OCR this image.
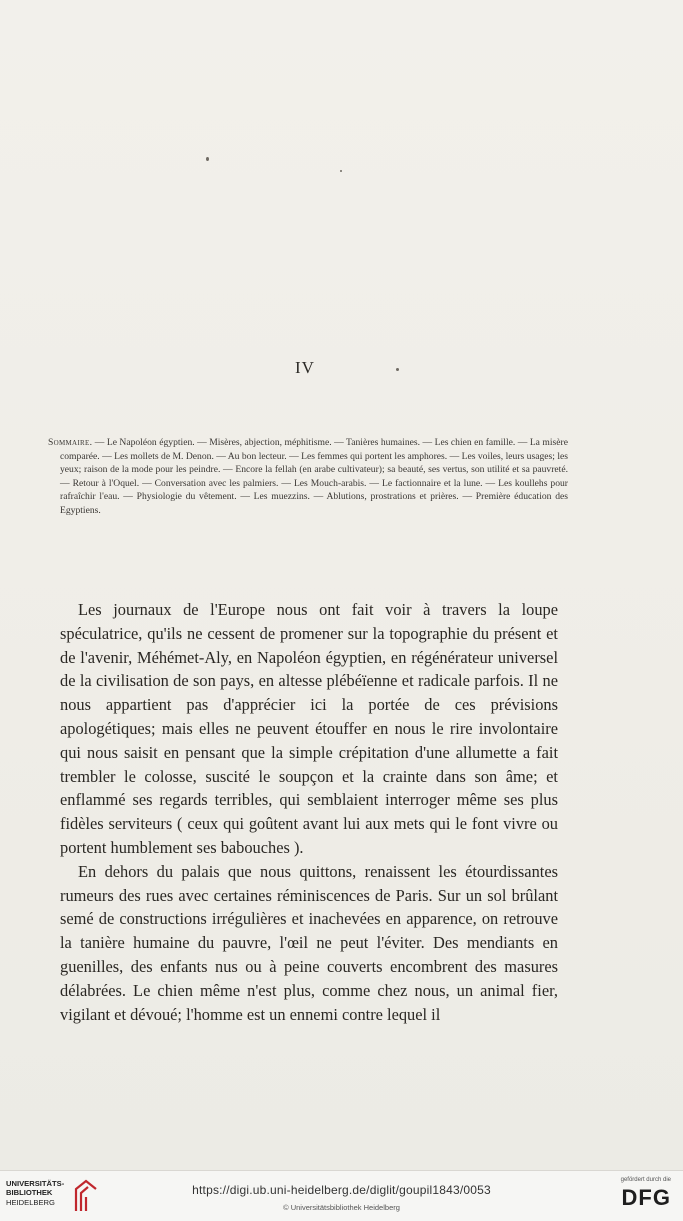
IV
Sommaire. — Le Napoléon égyptien. — Misères, abjection, méphitisme. — Tanières humaines. — Les chien en famille. — La misère comparée. — Les mollets de M. Denon. — Au bon lecteur. — Les femmes qui portent les amphores. — Les voiles, leurs usages; les yeux; raison de la mode pour les peindre. — Encore la fellah (en arabe cultivateur); sa beauté, ses vertus, son utilité et sa pauvreté. — Retour à l'Oquel. — Conversation avec les palmiers. — Les Mouch-arabis. — Le factionnaire et la lune. — Les koullehs pour rafraîchir l'eau. — Physiologie du vêtement. — Les muezzins. — Ablutions, prostrations et prières. — Première éducation des Egyptiens.

Les journaux de l'Europe nous ont fait voir à travers la loupe spéculatrice, qu'ils ne cessent de promener sur la topographie du présent et de l'avenir, Méhémet-Aly, en Napoléon égyptien, en régénérateur universel de la civilisation de son pays, en altesse plébéïenne et radicale parfois. Il ne nous appartient pas d'apprécier ici la portée de ces prévisions apologétiques; mais elles ne peuvent étouffer en nous le rire involontaire qui nous saisit en pensant que la simple crépitation d'une allumette a fait trembler le colosse, suscité le soupçon et la crainte dans son âme; et enflammé ses regards terribles, qui semblaient interroger même ses plus fidèles serviteurs ( ceux qui goûtent avant lui aux mets qui le font vivre ou portent humblement ses babouches ).

En dehors du palais que nous quittons, renaissent les étourdissantes rumeurs des rues avec certaines réminiscences de Paris. Sur un sol brûlant semé de constructions irrégulières et inachevées en apparence, on retrouve la tanière humaine du pauvre, l'œil ne peut l'éviter. Des mendiants en guenilles, des enfants nus ou à peine couverts encombrent des masures délabrées. Le chien même n'est plus, comme chez nous, un animal fier, vigilant et dévoué; l'homme est un ennemi contre lequel il

UNIVERSITÄTS-
BIBLIOTHEK
HEIDELBERG
https://digi.ub.uni-heidelberg.de/diglit/goupil1843/0053
© Universitätsbibliothek Heidelberg
gefördert durch die
DFG
